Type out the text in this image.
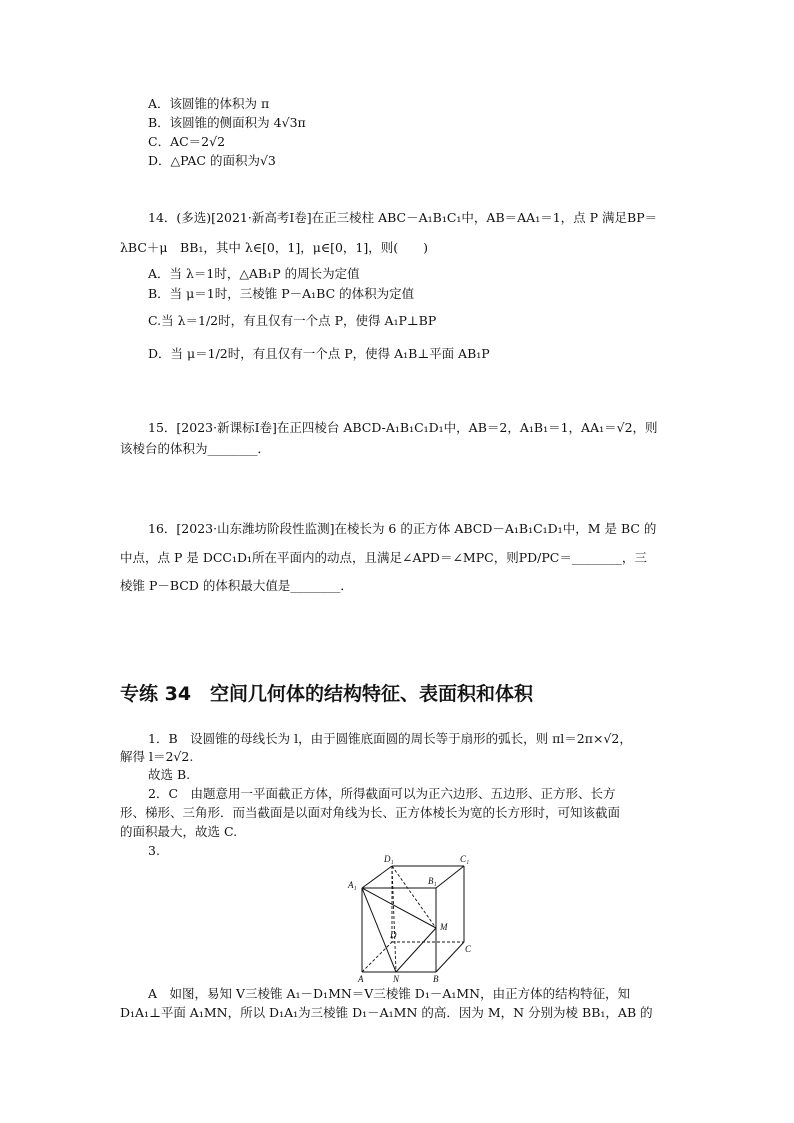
A．该圆锥的体积为 π
B．该圆锥的侧面积为 4√3π
C．AC＝2√2
D．△PAC 的面积为√3
14．(多选)[2021·新高考Ⅰ卷]在正三棱柱 ABC－A₁B₁C₁中，AB＝AA₁＝1，点 P 满足BP＝
λBC＋μ　BB₁，其中 λ∈[0，1]，μ∈[0，1]，则(　　)
A．当 λ＝1时，△AB₁P 的周长为定值
B．当 μ＝1时，三棱锥 P－A₁BC 的体积为定值
C.当 λ＝1/2时，有且仅有一个点 P，使得 A₁P⊥BP
D．当 μ＝1/2时，有且仅有一个点 P，使得 A₁B⊥平面 AB₁P
15．[2023·新课标Ⅰ卷]在正四棱台 ABCD-A₁B₁C₁D₁中，AB＝2，A₁B₁＝1，AA₁＝√2，则
该棱台的体积为________．
16．[2023·山东潍坊阶段性监测]在棱长为 6 的正方体 ABCD－A₁B₁C₁D₁中，M 是 BC 的
中点，点 P 是 DCC₁D₁所在平面内的动点，且满足∠APD＝∠MPC，则PD/PC＝________，三
棱锥 P－BCD 的体积最大值是________．
专练 34　空间几何体的结构特征、表面积和体积
1．B　设圆锥的母线长为 l，由于圆锥底面圆的周长等于扇形的弧长，则 πl＝2π×√2，
解得 l＝2√2.
故选 B.
2．C　由题意用一平面截正方体，所得截面可以为正六边形、五边形、正方形、长方
形、梯形、三角形．而当截面是以面对角线为长、正方体棱长为宽的长方形时，可知该截面
的面积最大，故选 C.
3.
D₁	C₁
A₁	B₁
D
M
C
A	N	B
A　如图，易知 V三棱锥 A₁－D₁MN＝V三棱锥 D₁－A₁MN，由正方体的结构特征，知
D₁A₁⊥平面 A₁MN，所以 D₁A₁为三棱锥 D₁－A₁MN 的高．因为 M，N 分别为棱 BB₁，AB 的
